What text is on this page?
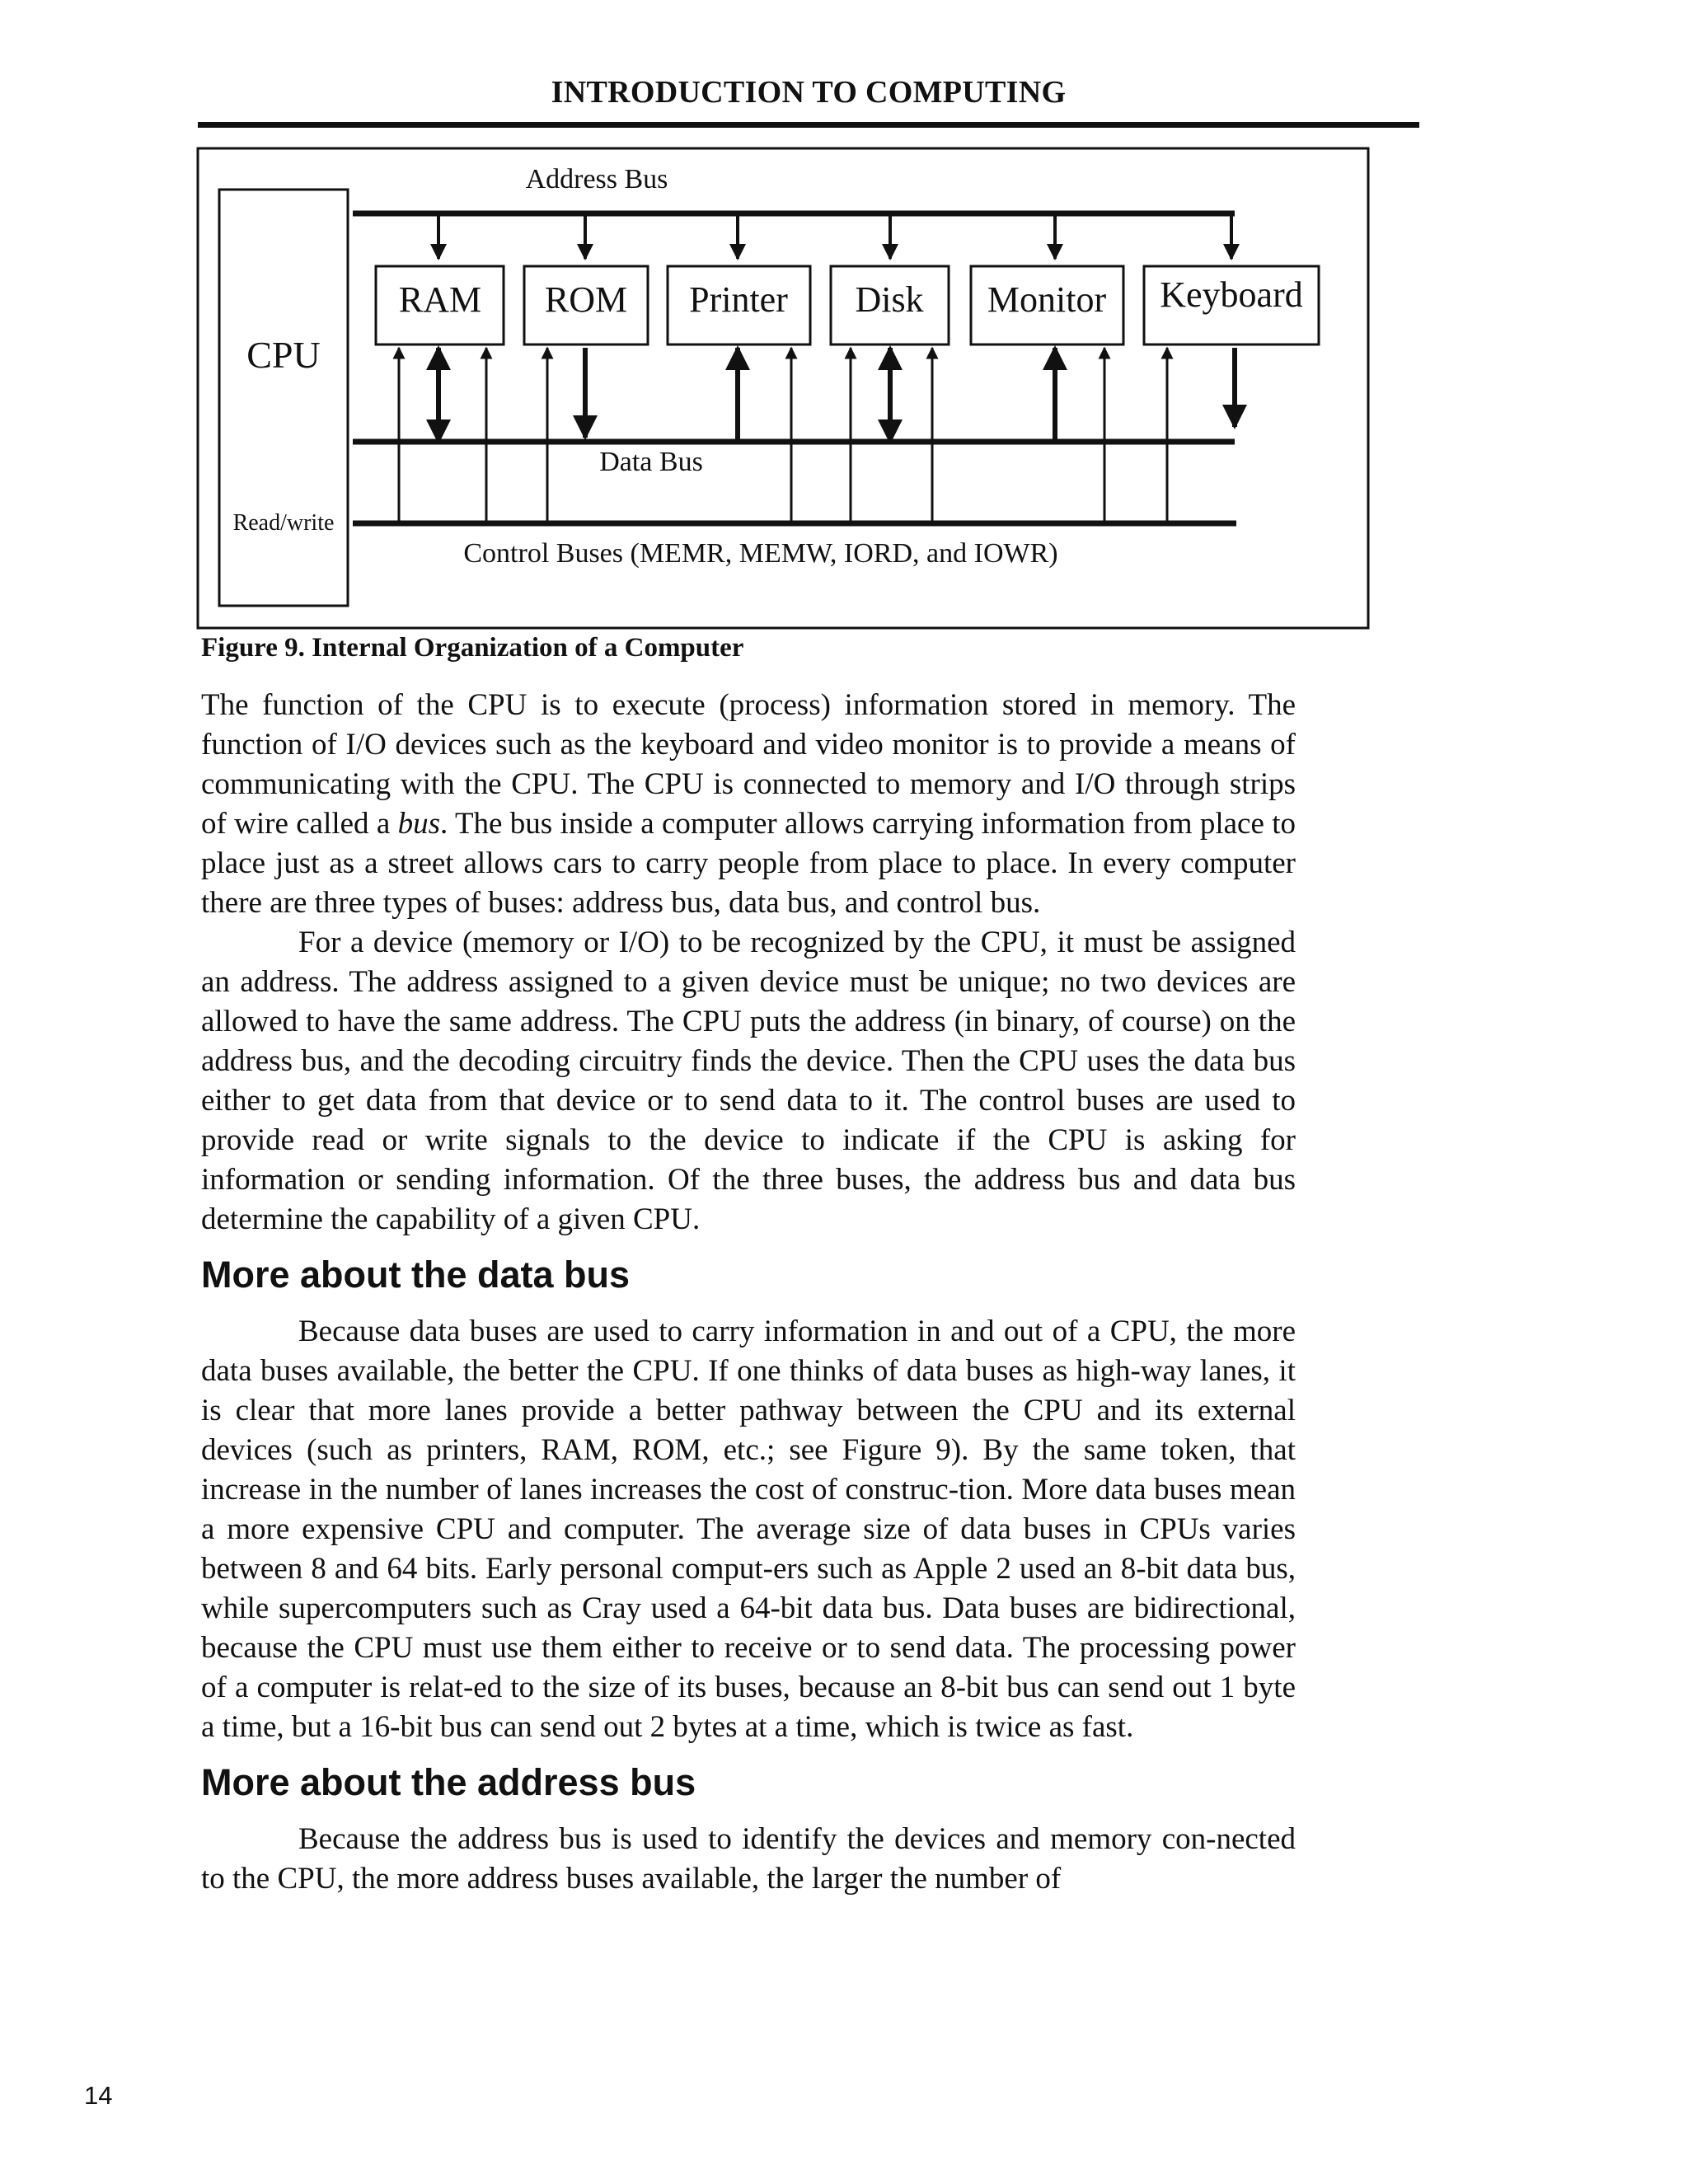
INTRODUCTION TO COMPUTING
CPU
Read/write
Address Bus
RAM ROM Printer Disk Monitor Keyboard
Data Bus
Control Buses (MEMR, MEMW, IORD, and IOWR)
Figure 9. Internal Organization of a Computer

The function of the CPU is to execute (process) information stored in memory. The function of I/O devices such as the keyboard and video monitor is to provide a means of communicating with the CPU. The CPU is connected to memory and I/O through strips of wire called a bus. The bus inside a computer allows carrying information from place to place just as a street allows cars to carry people from place to place. In every computer there are three types of buses: address bus, data bus, and control bus.

For a device (memory or I/O) to be recognized by the CPU, it must be assigned an address. The address assigned to a given device must be unique; no two devices are allowed to have the same address. The CPU puts the address (in binary, of course) on the address bus, and the decoding circuitry finds the device. Then the CPU uses the data bus either to get data from that device or to send data to it. The control buses are used to provide read or write signals to the device to indicate if the CPU is asking for information or sending information. Of the three buses, the address bus and data bus determine the capability of a given CPU.

More about the data bus

Because data buses are used to carry information in and out of a CPU, the more data buses available, the better the CPU. If one thinks of data buses as high-way lanes, it is clear that more lanes provide a better pathway between the CPU and its external devices (such as printers, RAM, ROM, etc.; see Figure 9). By the same token, that increase in the number of lanes increases the cost of construc-tion. More data buses mean a more expensive CPU and computer. The average size of data buses in CPUs varies between 8 and 64 bits. Early personal comput-ers such as Apple 2 used an 8-bit data bus, while supercomputers such as Cray used a 64-bit data bus. Data buses are bidirectional, because the CPU must use them either to receive or to send data. The processing power of a computer is relat-ed to the size of its buses, because an 8-bit bus can send out 1 byte a time, but a 16-bit bus can send out 2 bytes at a time, which is twice as fast.

More about the address bus

Because the address bus is used to identify the devices and memory con-nected to the CPU, the more address buses available, the larger the number of

14
